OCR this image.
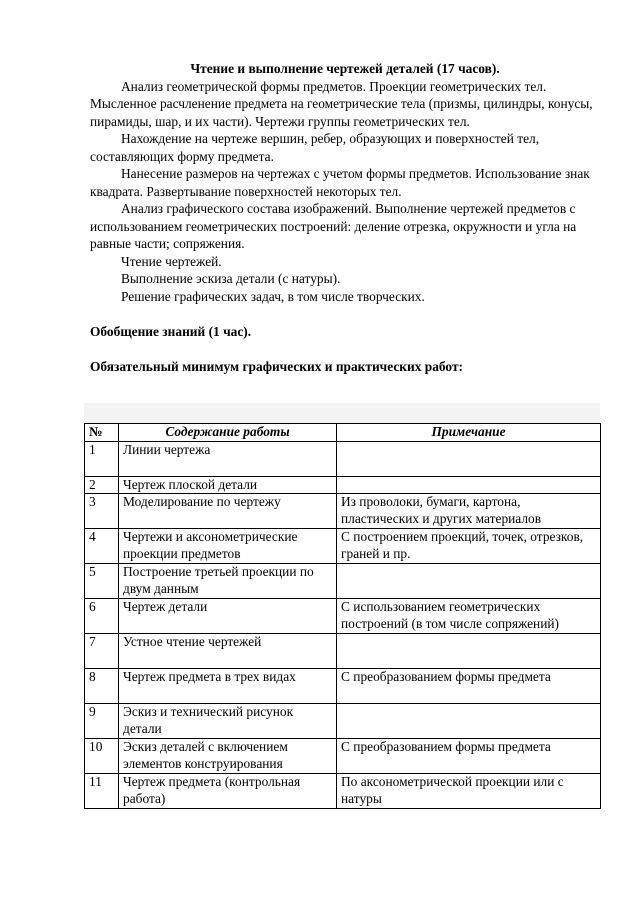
Чтение и выполнение чертежей деталей (17 часов).
Анализ геометрической формы предметов. Проекции геометрических тел. Мысленное расчленение предмета на геометрические тела (призмы, цилиндры, конусы, пирамиды, шар, и их части). Чертежи группы геометрических тел.
Нахождение на чертеже вершин, ребер, образующих и поверхностей тел, составляющих форму предмета.
Нанесение размеров на чертежах с учетом формы предметов. Использование знак квадрата. Развертывание поверхностей некоторых тел.
Анализ графического состава изображений. Выполнение чертежей предметов с использованием геометрических построений: деление отрезка, окружности и угла на равные части; сопряжения.
Чтение чертежей.
Выполнение эскиза детали (с натуры).
Решение графических задач, в том числе творческих.
Обобщение знаний (1 час).
Обязательный минимум графических и практических работ:
№	Содержание работы	Примечание
1	Линии чертежа	
2	Чертеж плоской детали	
3	Моделирование по чертежу	Из проволоки, бумаги, картона, пластических и других материалов
4	Чертежи и аксонометрические проекции предметов	С построением проекций, точек, отрезков, граней и пр.
5	Построение третьей проекции по двум данным	
6	Чертеж детали	С использованием геометрических построений (в том числе сопряжений)
7	Устное чтение чертежей	
8	Чертеж предмета в трех видах	С преобразованием формы предмета
9	Эскиз и технический рисунок детали	
10	Эскиз деталей с включением элементов конструирования	С преобразованием формы предмета
11	Чертеж предмета (контрольная работа)	По аксонометрической проекции или с натуры
